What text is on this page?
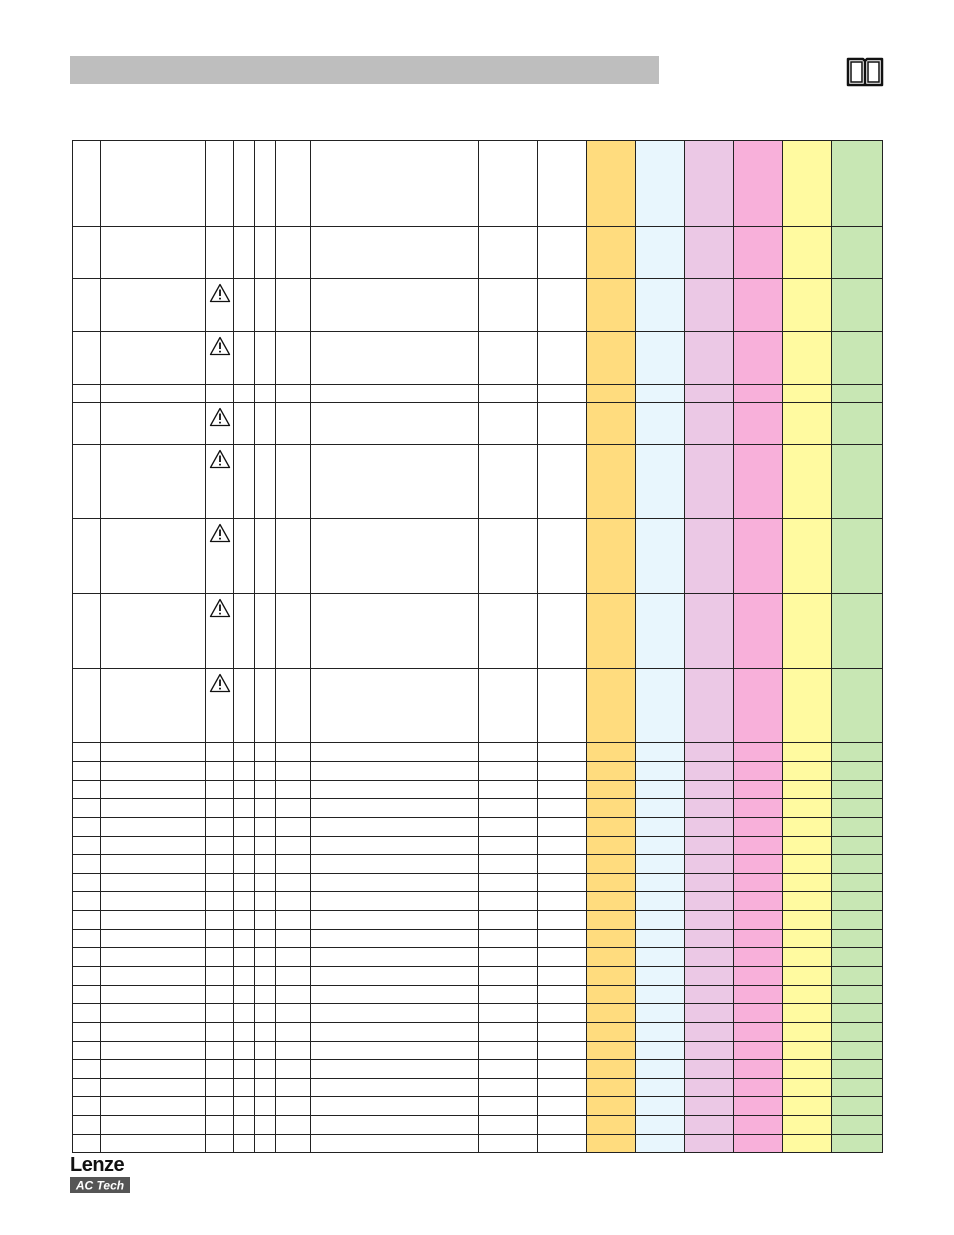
Lenze
AC Tech
